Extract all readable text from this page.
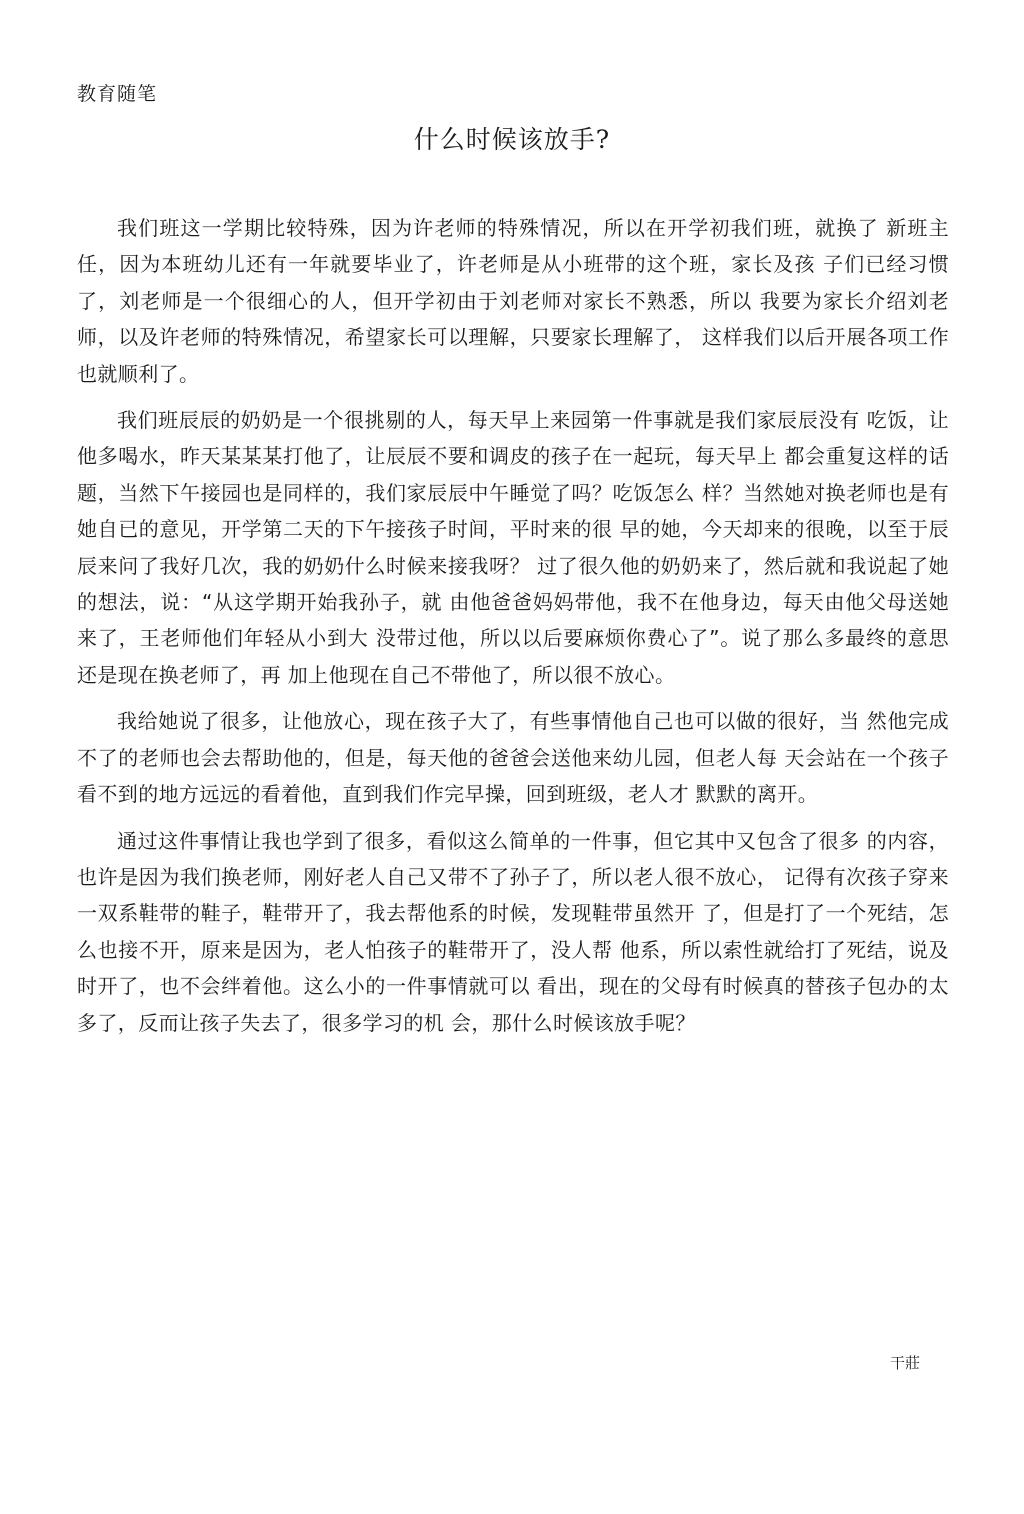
教育随笔
什么时候该放手?

我们班这一学期比较特殊，因为许老师的特殊情况，所以在开学初我们班，就换了 新班主任，因为本班幼儿还有一年就要毕业了，许老师是从小班带的这个班，家长及孩 子们已经习惯了，刘老师是一个很细心的人，但开学初由于刘老师对家长不熟悉，所以 我要为家长介绍刘老师，以及许老师的特殊情况，希望家长可以理解，只要家长理解了， 这样我们以后开展各项工作也就顺利了。

我们班辰辰的奶奶是一个很挑剔的人，每天早上来园第一件事就是我们家辰辰没有 吃饭，让他多喝水，昨天某某某打他了，让辰辰不要和调皮的孩子在一起玩，每天早上 都会重复这样的话题，当然下午接园也是同样的，我们家辰辰中午睡觉了吗？吃饭怎么 样？当然她对换老师也是有她自已的意见，开学第二天的下午接孩子时间，平时来的很 早的她，今天却来的很晚，以至于辰辰来问了我好几次，我的奶奶什么时候来接我呀？ 过了很久他的奶奶来了，然后就和我说起了她的想法，说：“从这学期开始我孙子，就 由他爸爸妈妈带他，我不在他身边，每天由他父母送她来了，王老师他们年轻从小到大 没带过他，所以以后要麻烦你费心了”。说了那么多最终的意思还是现在换老师了，再 加上他现在自己不带他了，所以很不放心。

我给她说了很多，让他放心，现在孩子大了，有些事情他自己也可以做的很好，当 然他完成不了的老师也会去帮助他的，但是，每天他的爸爸会送他来幼儿园，但老人每 天会站在一个孩子看不到的地方远远的看着他，直到我们作完早操，回到班级，老人才 默默的离开。

通过这件事情让我也学到了很多，看似这么简单的一件事，但它其中又包含了很多 的内容，也许是因为我们换老师，刚好老人自己又带不了孙子了，所以老人很不放心， 记得有次孩子穿来一双系鞋带的鞋子，鞋带开了，我去帮他系的时候，发现鞋带虽然开 了，但是打了一个死结，怎么也接不开，原来是因为，老人怕孩子的鞋带开了，没人帮 他系，所以索性就给打了死结，说及时开了，也不会绊着他。这么小的一件事情就可以 看出，现在的父母有时候真的替孩子包办的太多了，反而让孩子失去了，很多学习的机 会，那什么时候该放手呢？

干莊
